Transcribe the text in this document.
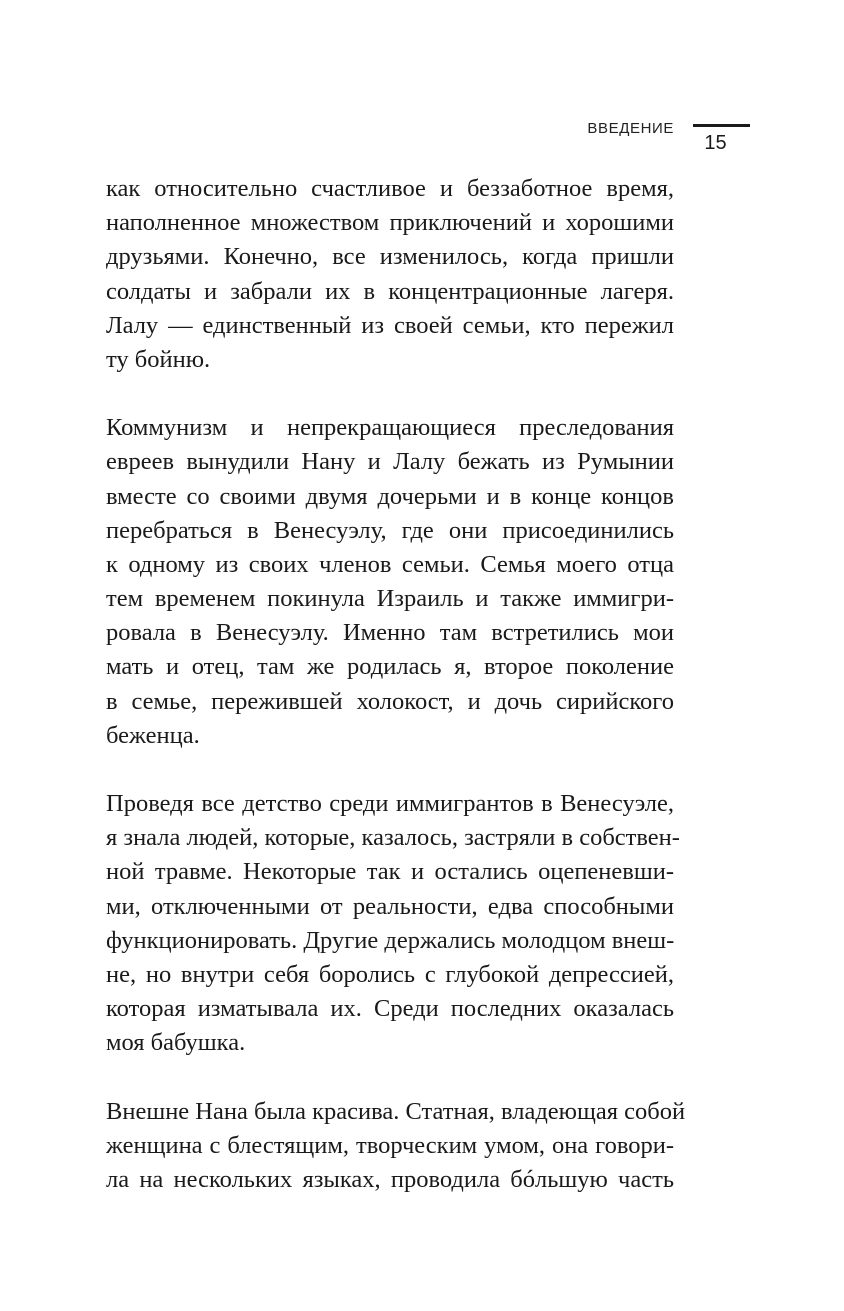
ВВЕДЕНИЕ
15

как относительно счастливое и беззаботное время,
наполненное множеством приключений и хорошими
друзьями. Конечно, все изменилось, когда пришли
солдаты и забрали их в концентрационные лагеря.
Лалу — единственный из своей семьи, кто пережил
ту бойню.

Коммунизм и непрекращающиеся преследования
евреев вынудили Нану и Лалу бежать из Румынии
вместе со своими двумя дочерьми и в конце концов
перебраться в Венесуэлу, где они присоединились
к одному из своих членов семьи. Семья моего отца
тем временем покинула Израиль и также иммигри-
ровала в Венесуэлу. Именно там встретились мои
мать и отец, там же родилась я, второе поколение
в семье, пережившей холокост, и дочь сирийского
беженца.

Проведя все детство среди иммигрантов в Венесуэле,
я знала людей, которые, казалось, застряли в собствен-
ной травме. Некоторые так и остались оцепеневши-
ми, отключенными от реальности, едва способными
функционировать. Другие держались молодцом внеш-
не, но внутри себя боролись с глубокой депрессией,
которая изматывала их. Среди последних оказалась
моя бабушка.

Внешне Нана была красива. Статная, владеющая собой
женщина с блестящим, творческим умом, она говори-
ла на нескольких языках, проводила бóльшую часть
